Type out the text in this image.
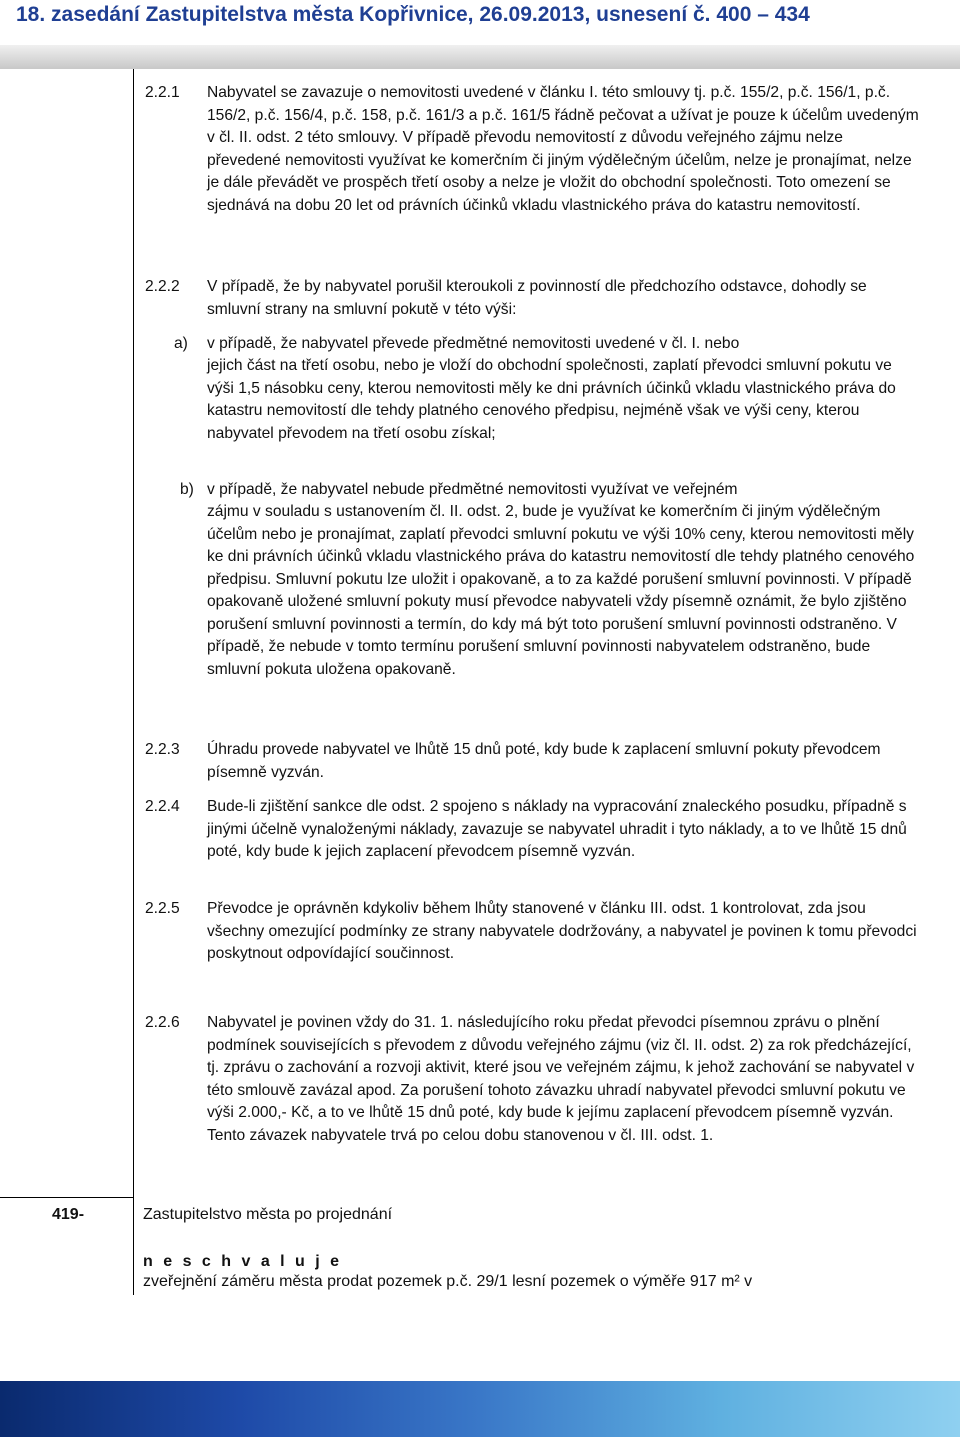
18. zasedání Zastupitelstva města Kopřivnice, 26.09.2013, usnesení č. 400 – 434
2.2.1 Nabyvatel se zavazuje o nemovitosti uvedené v článku I. této smlouvy tj. p.č. 155/2, p.č. 156/1, p.č. 156/2, p.č. 156/4, p.č. 158, p.č. 161/3 a p.č. 161/5 řádně pečovat a užívat je pouze k účelům uvedeným v čl. II. odst. 2 této smlouvy. V případě převodu nemovitostí z důvodu veřejného zájmu nelze převedené nemovitosti využívat ke komerčním či jiným výdělečným účelům, nelze je pronajímat, nelze je dále převádět ve prospěch třetí osoby a nelze je vložit do obchodní společnosti. Toto omezení se sjednává na dobu 20 let od právních účinků vkladu vlastnického práva do katastru nemovitostí.
2.2.2 V případě, že by nabyvatel porušil kteroukoli z povinností dle předchozího odstavce, dohodly se smluvní strany na smluvní pokutě v této výši:
a) v případě, že nabyvatel převede předmětné nemovitosti uvedené v čl. I. nebo
jejich část na třetí osobu, nebo je vloží do obchodní společnosti, zaplatí převodci smluvní pokutu ve výši 1,5 násobku ceny, kterou nemovitosti měly ke dni právních účinků vkladu vlastnického práva do katastru nemovitostí dle tehdy platného cenového předpisu, nejméně však ve výši ceny, kterou nabyvatel převodem na třetí osobu získal;
b) v případě, že nabyvatel nebude předmětné nemovitosti využívat ve veřejném
zájmu v souladu s ustanovením čl. II. odst. 2, bude je využívat ke komerčním či jiným výdělečným účelům nebo je pronajímat, zaplatí převodci smluvní pokutu ve výši 10% ceny, kterou nemovitosti měly ke dni právních účinků vkladu vlastnického práva do katastru nemovitostí dle tehdy platného cenového předpisu. Smluvní pokutu lze uložit i opakovaně, a to za každé porušení smluvní povinnosti. V případě opakovaně uložené smluvní pokuty musí převodce nabyvateli vždy písemně oznámit, že bylo zjištěno porušení smluvní povinnosti a termín, do kdy má být toto porušení smluvní povinnosti odstraněno. V případě, že nebude v tomto termínu porušení smluvní povinnosti nabyvatelem odstraněno, bude smluvní pokuta uložena opakovaně.
2.2.3 Úhradu provede nabyvatel ve lhůtě 15 dnů poté, kdy bude k zaplacení smluvní pokuty převodcem písemně vyzván.
2.2.4 Bude-li zjištění sankce dle odst. 2 spojeno s náklady na vypracování znaleckého posudku, případně s jinými účelně vynaloženými náklady, zavazuje se nabyvatel uhradit i tyto náklady, a to ve lhůtě 15 dnů poté, kdy bude k jejich zaplacení převodcem písemně vyzván.
2.2.5 Převodce je oprávněn kdykoliv během lhůty stanovené v článku III. odst. 1 kontrolovat, zda jsou všechny omezující podmínky ze strany nabyvatele dodržovány, a nabyvatel je povinen k tomu převodci poskytnout odpovídající součinnost.
2.2.6 Nabyvatel je povinen vždy do 31. 1. následujícího roku předat převodci písemnou zprávu o plnění podmínek souvisejících s převodem z důvodu veřejného zájmu (viz čl. II. odst. 2) za rok předcházející, tj. zprávu o zachování a rozvoji aktivit, které jsou ve veřejném zájmu, k jehož zachování se nabyvatel v této smlouvě zavázal apod. Za porušení tohoto závazku uhradí nabyvatel převodci smluvní pokutu ve výši 2.000,- Kč, a to ve lhůtě 15 dnů poté, kdy bude k jejímu zaplacení převodcem písemně vyzván. Tento závazek nabyvatele trvá po celou dobu stanovenou v čl. III. odst. 1.
419-	Zastupitelstvo města po projednání
n e s c h v a l u j e
zveřejnění záměru města prodat pozemek p.č. 29/1 lesní pozemek o výměře 917 m² v
